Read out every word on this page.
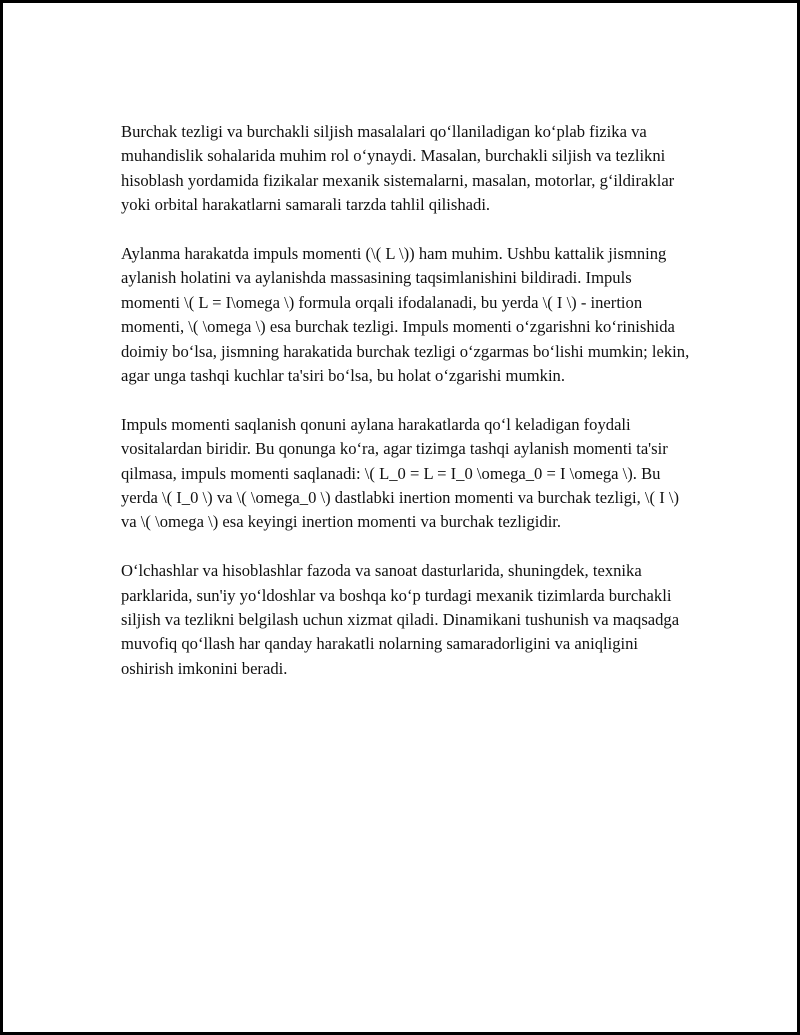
Burchak tezligi va burchakli siljish masalalari qo‘llaniladigan ko‘plab fizika va muhandislik sohalarida muhim rol o‘ynaydi. Masalan, burchakli siljish va tezlikni hisoblash yordamida fizikalar mexanik sistemalarni, masalan, motorlar, g‘ildiraklar yoki orbital harakatlarni samarali tarzda tahlil qilishadi.

Aylanma harakatda impuls momenti (\( L \)) ham muhim. Ushbu kattalik jismning aylanish holatini va aylanishda massasining taqsimlanishini bildiradi. Impuls momenti \( L = I\omega \) formula orqali ifodalanadi, bu yerda \( I \) - inertion momenti, \( \omega \) esa burchak tezligi. Impuls momenti o‘zgarishni ko‘rinishida doimiy bo‘lsa, jismning harakatida burchak tezligi o‘zgarmas bo‘lishi mumkin; lekin, agar unga tashqi kuchlar ta'siri bo‘lsa, bu holat o‘zgarishi mumkin.

Impuls momenti saqlanish qonuni aylana harakatlarda qo‘l keladigan foydali vositalardan biridir. Bu qonunga ko‘ra, agar tizimga tashqi aylanish momenti ta'sir qilmasa, impuls momenti saqlanadi: \( L_0 = L = I_0 \omega_0 = I \omega \). Bu yerda \( I_0 \) va \( \omega_0 \) dastlabki inertion momenti va burchak tezligi, \( I \) va \( \omega \) esa keyingi inertion momenti va burchak tezligidir.

O‘lchashlar va hisoblashlar fazoda va sanoat dasturlarida, shuningdek, texnika parklarida, sun'iy yo‘ldoshlar va boshqa ko‘p turdagi mexanik tizimlarda burchakli siljish va tezlikni belgilash uchun xizmat qiladi. Dinamikani tushunish va maqsadga muvofiq qo‘llash har qanday harakatli nolarning samaradorligini va aniqligini oshirish imkonini beradi.
